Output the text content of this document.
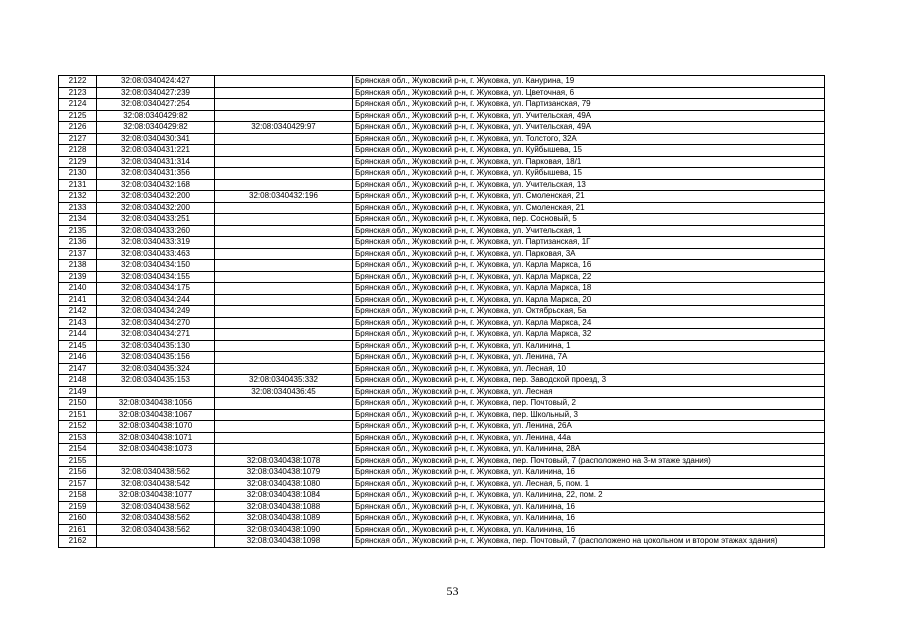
2122	32:08:0340424:427		Брянская обл., Жуковский р-н, г. Жуковка, ул. Канурина, 19
2123	32:08:0340427:239		Брянская обл., Жуковский р-н, г. Жуковка, ул. Цветочная, 6
2124	32:08:0340427:254		Брянская обл., Жуковский р-н, г. Жуковка, ул. Партизанская, 79
2125	32:08:0340429:82		Брянская обл., Жуковский р-н, г. Жуковка, ул. Учительская, 49А
2126	32:08:0340429:82	32:08:0340429:97	Брянская обл., Жуковский р-н, г. Жуковка, ул. Учительская, 49А
2127	32:08:0340430:341		Брянская обл., Жуковский р-н, г. Жуковка, ул. Толстого, 32А
2128	32:08:0340431:221		Брянская обл., Жуковский р-н, г. Жуковка, ул. Куйбышева, 15
2129	32:08:0340431:314		Брянская обл., Жуковский р-н, г. Жуковка, ул. Парковая, 18/1
2130	32:08:0340431:356		Брянская обл., Жуковский р-н, г. Жуковка, ул. Куйбышева, 15
2131	32:08:0340432:168		Брянская обл., Жуковский р-н, г. Жуковка, ул. Учительская, 13
2132	32:08:0340432:200	32:08:0340432:196	Брянская обл., Жуковский р-н, г. Жуковка, ул. Смоленская, 21
2133	32:08:0340432:200		Брянская обл., Жуковский р-н, г. Жуковка, ул. Смоленская, 21
2134	32:08:0340433:251		Брянская обл., Жуковский р-н, г. Жуковка, пер. Сосновый, 5
2135	32:08:0340433:260		Брянская обл., Жуковский р-н, г. Жуковка, ул. Учительская, 1
2136	32:08:0340433:319		Брянская обл., Жуковский р-н, г. Жуковка, ул. Партизанская, 1Г
2137	32:08:0340433:463		Брянская обл., Жуковский р-н, г. Жуковка, ул. Парковая, 3А
2138	32:08:0340434:150		Брянская обл., Жуковский р-н, г. Жуковка, ул. Карла Маркса, 16
2139	32:08:0340434:155		Брянская обл., Жуковский р-н, г. Жуковка, ул. Карла Маркса, 22
2140	32:08:0340434:175		Брянская обл., Жуковский р-н, г. Жуковка, ул. Карла Маркса, 18
2141	32:08:0340434:244		Брянская обл., Жуковский р-н, г. Жуковка, ул. Карла Маркса, 20
2142	32:08:0340434:249		Брянская обл., Жуковский р-н, г. Жуковка, ул. Октябрьская, 5а
2143	32:08:0340434:270		Брянская обл., Жуковский р-н, г. Жуковка, ул. Карла Маркса, 24
2144	32:08:0340434:271		Брянская обл., Жуковский р-н, г. Жуковка, ул. Карла Маркса, 32
2145	32:08:0340435:130		Брянская обл., Жуковский р-н, г. Жуковка, ул. Калинина, 1
2146	32:08:0340435:156		Брянская обл., Жуковский р-н, г. Жуковка, ул. Ленина, 7А
2147	32:08:0340435:324		Брянская обл., Жуковский р-н, г. Жуковка, ул. Лесная, 10
2148	32:08:0340435:153	32:08:0340435:332	Брянская обл., Жуковский р-н, г. Жуковка, пер. Заводской проезд, 3
2149		32:08:0340436:45	Брянская обл., Жуковский р-н, г. Жуковка, ул. Лесная
2150	32:08:0340438:1056		Брянская обл., Жуковский р-н, г. Жуковка, пер. Почтовый, 2
2151	32:08:0340438:1067		Брянская обл., Жуковский р-н, г. Жуковка, пер. Школьный, 3
2152	32:08:0340438:1070		Брянская обл., Жуковский р-н, г. Жуковка, ул. Ленина, 26А
2153	32:08:0340438:1071		Брянская обл., Жуковский р-н, г. Жуковка, ул. Ленина, 44а
2154	32:08:0340438:1073		Брянская обл., Жуковский р-н, г. Жуковка, ул. Калинина, 28А
2155		32:08:0340438:1078	Брянская обл., Жуковский р-н, г. Жуковка, пер. Почтовый, 7 (расположено на 3-м этаже здания)
2156	32:08:0340438:562	32:08:0340438:1079	Брянская обл., Жуковский р-н, г. Жуковка, ул. Калинина, 16
2157	32:08:0340438:542	32:08:0340438:1080	Брянская обл., Жуковский р-н, г. Жуковка, ул. Лесная, 5, пом. 1
2158	32:08:0340438:1077	32:08:0340438:1084	Брянская обл., Жуковский р-н, г. Жуковка, ул. Калинина, 22, пом. 2
2159	32:08:0340438:562	32:08:0340438:1088	Брянская обл., Жуковский р-н, г. Жуковка, ул. Калинина, 16
2160	32:08:0340438:562	32:08:0340438:1089	Брянская обл., Жуковский р-н, г. Жуковка, ул. Калинина, 16
2161	32:08:0340438:562	32:08:0340438:1090	Брянская обл., Жуковский р-н, г. Жуковка, ул. Калинина, 16
2162		32:08:0340438:1098	Брянская обл., Жуковский р-н, г. Жуковка, пер. Почтовый, 7 (расположено на цокольном и втором этажах здания)
53
